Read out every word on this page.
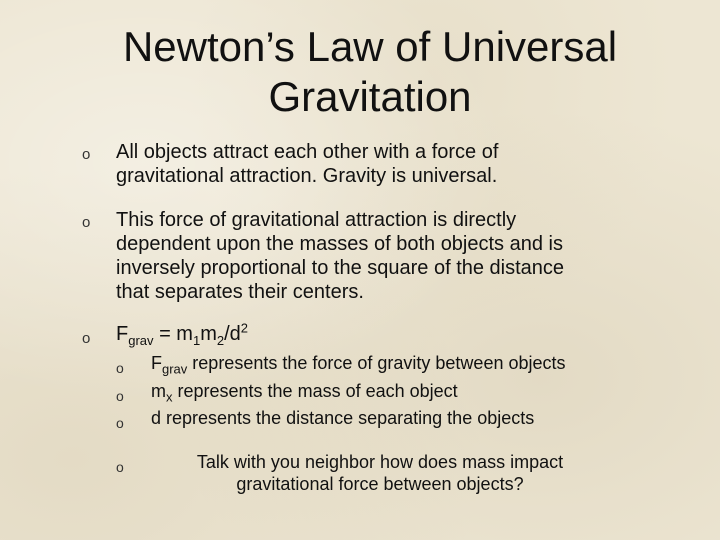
Newton’s Law of Universal
Gravitation
o All objects attract each other with a force of
gravitational attraction. Gravity is universal.
o This force of gravitational attraction is directly
dependent upon the masses of both objects and is
inversely proportional to the square of the distance
that separates their centers.
o $F_{grav} = m_1m_2/d^2$
o $F_{grav}$ represents the force of gravity between objects
o $m_x$ represents the mass of each object
o d represents the distance separating the objects
o	Talk with you neighbor how does mass impact
gravitational force between objects?
